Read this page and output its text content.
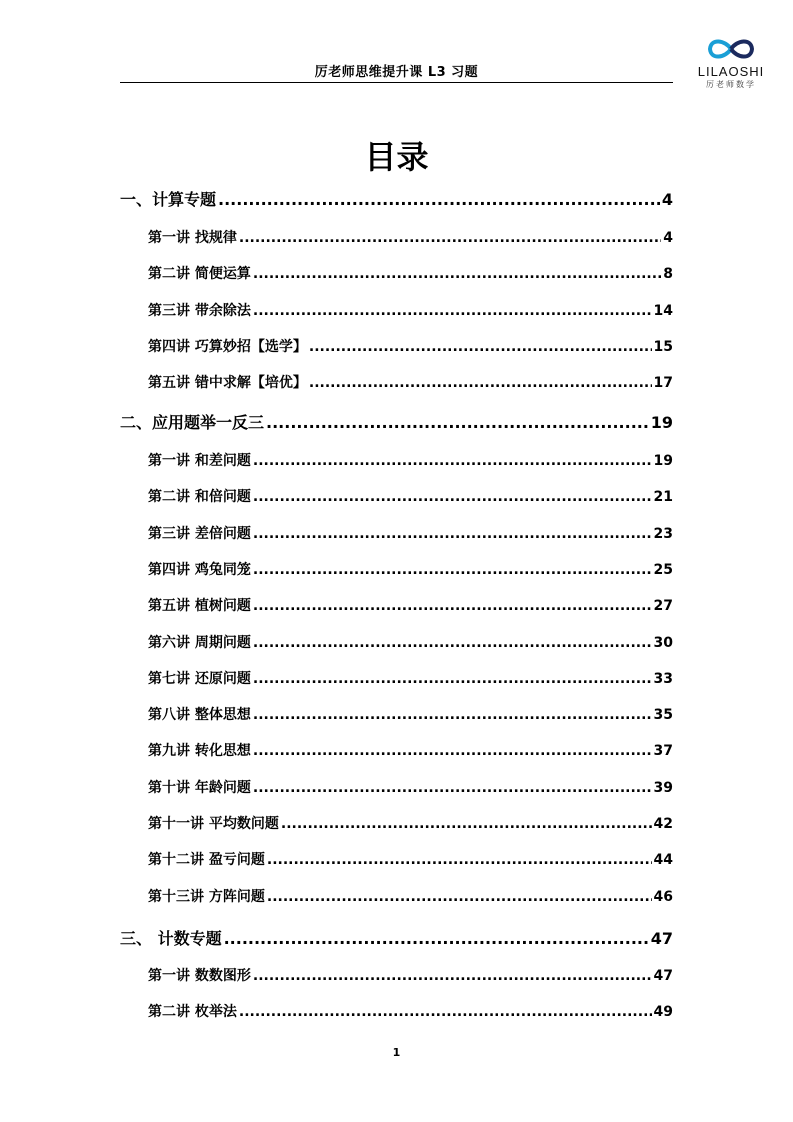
厉老师思维提升课 L3 习题	LILAOSHI
厉老师数学
目录
一、计算专题 .....	4
第一讲 找规律 .....	4
第二讲 简便运算 .....	8
第三讲 带余除法 .....	14
第四讲 巧算妙招【选学】 .....	15
第五讲 错中求解【培优】 .....	17
二、应用题举一反三 .....	19
第一讲 和差问题 .....	19
第二讲 和倍问题 .....	21
第三讲 差倍问题 .....	23
第四讲 鸡兔同笼 .....	25
第五讲 植树问题 .....	27
第六讲 周期问题 .....	30
第七讲 还原问题 .....	33
第八讲 整体思想 .....	35
第九讲 转化思想 .....	37
第十讲 年龄问题 .....	39
第十一讲 平均数问题 .....	42
第十二讲 盈亏问题 .....	44
第十三讲 方阵问题 .....	46
三、 计数专题 .....	47
第一讲 数数图形 .....	47
第二讲 枚举法 .....	49
1
